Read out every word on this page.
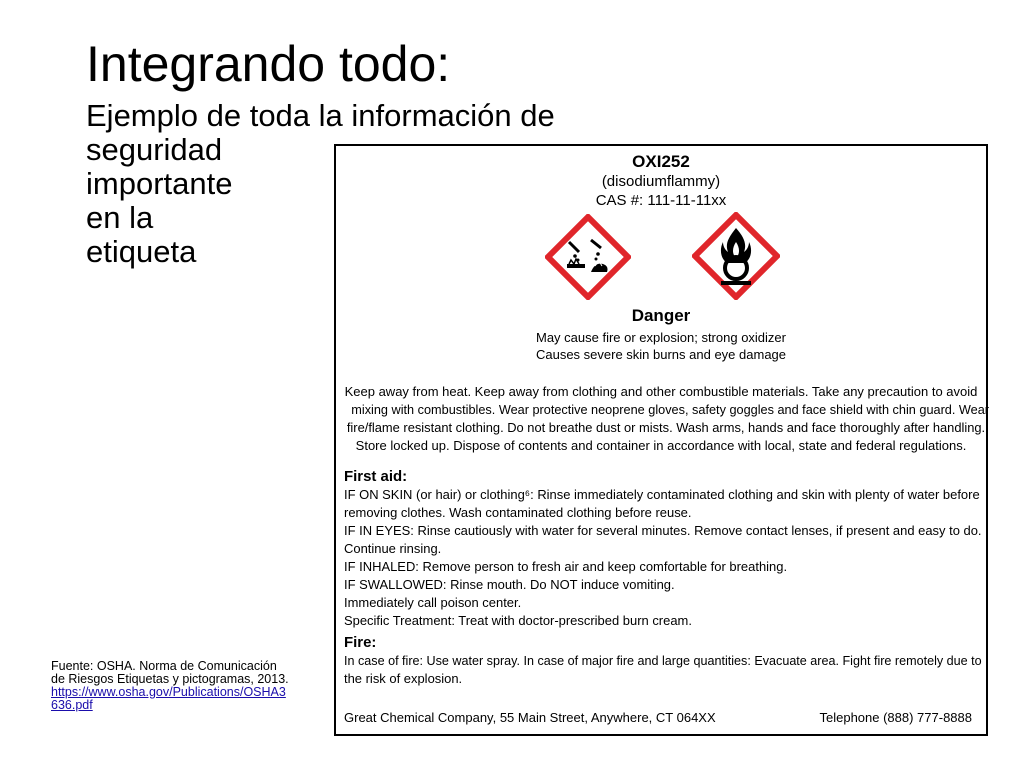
Integrando todo:
Ejemplo de toda la información de
seguridad
importante
en la
etiqueta
Fuente: OSHA. Norma de Comunicación
de Riesgos Etiquetas y pictogramas, 2013.
https://www.osha.gov/Publications/OSHA3
636.pdf
OXI252
(disodiumflammy)
CAS #: 111-11-11xx
Danger
May cause fire or explosion; strong oxidizer
Causes severe skin burns and eye damage
Keep away from heat. Keep away from clothing and other combustible materials. Take any precaution to avoid
mixing with combustibles. Wear protective neoprene gloves, safety goggles and face shield with chin guard. Wear
fire/flame resistant clothing. Do not breathe dust or mists. Wash arms, hands and face thoroughly after handling.
Store locked up. Dispose of contents and container in accordance with local, state and federal regulations.
First aid:
IF ON SKIN (or hair) or clothing⁶: Rinse immediately contaminated clothing and skin with plenty of water before
removing clothes. Wash contaminated clothing before reuse.
IF IN EYES: Rinse cautiously with water for several minutes. Remove contact lenses, if present and easy to do.
Continue rinsing.
IF INHALED: Remove person to fresh air and keep comfortable for breathing.
IF SWALLOWED: Rinse mouth. Do NOT induce vomiting.
Immediately call poison center.
Specific Treatment: Treat with doctor-prescribed burn cream.
Fire:
In case of fire: Use water spray. In case of major fire and large quantities: Evacuate area. Fight fire remotely due to
the risk of explosion.
Great Chemical Company, 55 Main Street, Anywhere, CT 064XX	Telephone (888) 777-8888
